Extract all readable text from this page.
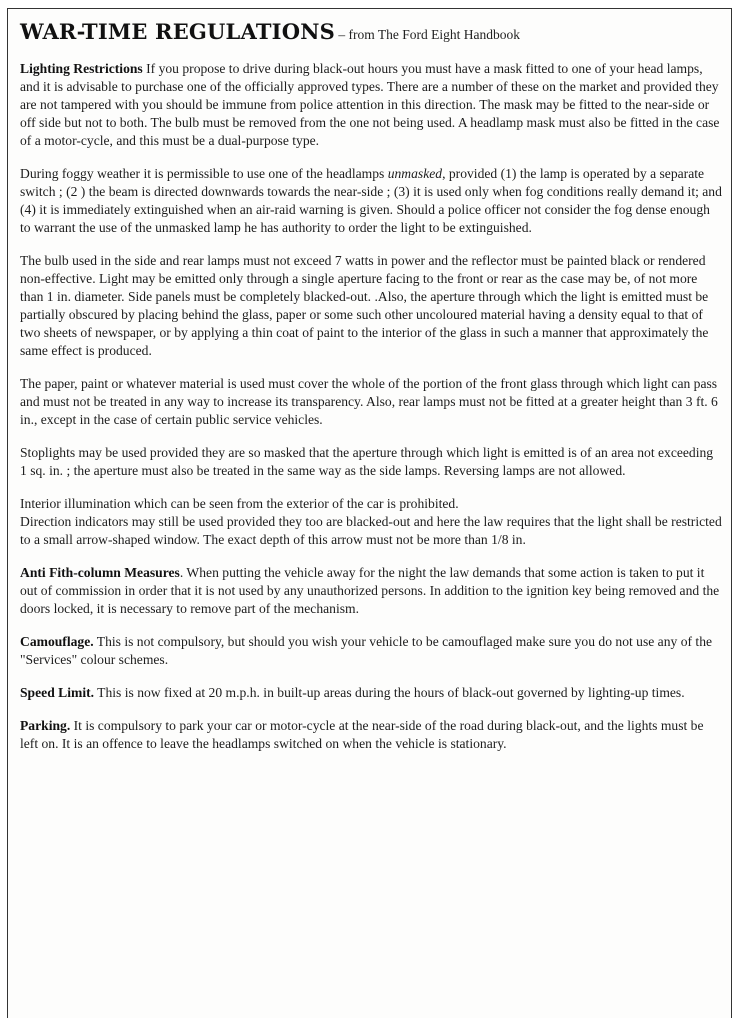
WAR-TIME REGULATIONS – from The Ford Eight Handbook

Lighting Restrictions If you propose to drive during black-out hours you must have a mask fitted to one of your head lamps, and it is advisable to purchase one of the officially approved types. There are a number of these on the market and provided they are not tampered with you should be immune from police attention in this direction. The mask may be fitted to the near-side or off side but not to both. The bulb must be removed from the one not being used. A headlamp mask must also be fitted in the case of a motor-cycle, and this must be a dual-purpose type.

During foggy weather it is permissible to use one of the headlamps unmasked, provided (1) the lamp is operated by a separate switch ; (2 ) the beam is directed downwards towards the near-side ; (3) it is used only when fog conditions really demand it; and (4) it is immediately extinguished when an air-raid warning is given. Should a police officer not consider the fog dense enough to warrant the use of the unmasked lamp he has authority to order the light to be extinguished.

The bulb used in the side and rear lamps must not exceed 7 watts in power and the reflector must be painted black or rendered non-effective. Light may be emitted only through a single aperture facing to the front or rear as the case may be, of not more than 1 in. diameter. Side panels must be completely blacked-out. .Also, the aperture through which the light is emitted must be partially obscured by placing behind the glass, paper or some such other uncoloured material having a density equal to that of two sheets of newspaper, or by applying a thin coat of paint to the interior of the glass in such a manner that approximately the same effect is produced.

The paper, paint or whatever material is used must cover the whole of the portion of the front glass through which light can pass and must not be treated in any way to increase its transparency. Also, rear lamps must not be fitted at a greater height than 3 ft. 6 in., except in the case of certain public service vehicles.

Stoplights may be used provided they are so masked that the aperture through which light is emitted is of an area not exceeding 1 sq. in. ; the aperture must also be treated in the same way as the side lamps. Reversing lamps are not allowed.

Interior illumination which can be seen from the exterior of the car is prohibited.
Direction indicators may still be used provided they too are blacked-out and here the law requires that the light shall be restricted to a small arrow-shaped window. The exact depth of this arrow must not be more than 1/8 in.

Anti Fith-column Measures. When putting the vehicle away for the night the law demands that some action is taken to put it out of commission in order that it is not used by any unauthorized persons. In addition to the ignition key being removed and the doors locked, it is necessary to remove part of the mechanism.

Camouflage. This is not compulsory, but should you wish your vehicle to be camouflaged make sure you do not use any of the "Services" colour schemes.

Speed Limit. This is now fixed at 20 m.p.h. in built-up areas during the hours of black-out governed by lighting-up times.

Parking. It is compulsory to park your car or motor-cycle at the near-side of the road during black-out, and the lights must be left on. It is an offence to leave the headlamps switched on when the vehicle is stationary.
